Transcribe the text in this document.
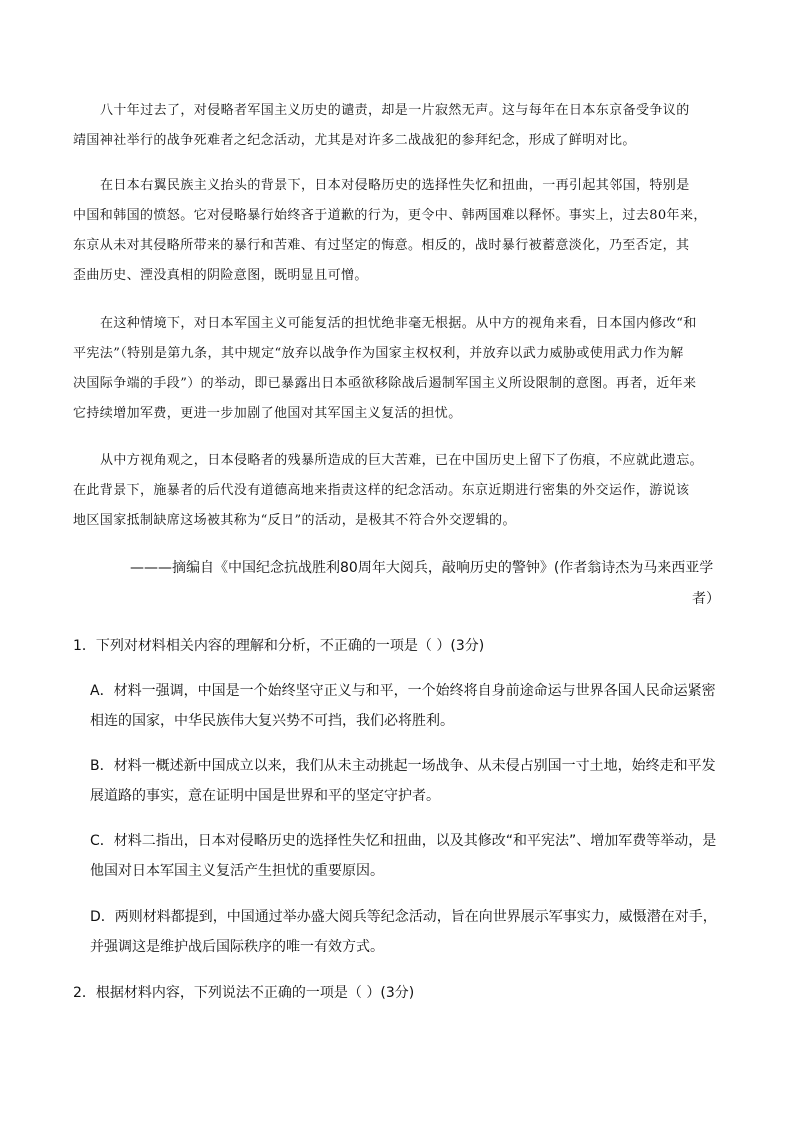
八十年过去了，对侵略者军国主义历史的谴责，却是一片寂然无声。这与每年在日本东京备受争议的
靖国神社举行的战争死难者之纪念活动，尤其是对许多二战战犯的参拜纪念，形成了鲜明对比。
在日本右翼民族主义抬头的背景下，日本对侵略历史的选择性失忆和扭曲，一再引起其邻国，特别是
中国和韩国的愤怒。它对侵略暴行始终吝于道歉的行为，更令中、韩两国难以释怀。事实上，过去80年来，
东京从未对其侵略所带来的暴行和苦难、有过坚定的悔意。相反的，战时暴行被蓄意淡化，乃至否定，其
歪曲历史、湮没真相的阴险意图，既明显且可憎。
在这种情境下，对日本军国主义可能复活的担忧绝非毫无根据。从中方的视角来看，日本国内修改“和
平宪法”（特别是第九条，其中规定“放弃以战争作为国家主权权利，并放弃以武力威胁或使用武力作为解
决国际争端的手段”）的举动，即已暴露出日本亟欲移除战后遏制军国主义所设限制的意图。再者，近年来
它持续增加军费，更进一步加剧了他国对其军国主义复活的担忧。
从中方视角观之，日本侵略者的残暴所造成的巨大苦难，已在中国历史上留下了伤痕，不应就此遗忘。
在此背景下，施暴者的后代没有道德高地来指责这样的纪念活动。东京近期进行密集的外交运作，游说该
地区国家抵制缺席这场被其称为“反日”的活动，是极其不符合外交逻辑的。
———摘编自《中国纪念抗战胜利80周年大阅兵，敲响历史的警钟》(作者翁诗杰为马来西亚学
者）

1．下列对材料相关内容的理解和分析，不正确的一项是（ ）(3分)

A．材料一强调，中国是一个始终坚守正义与和平，一个始终将自身前途命运与世界各国人民命运紧密
相连的国家，中华民族伟大复兴势不可挡，我们必将胜利。
B．材料一概述新中国成立以来，我们从未主动挑起一场战争、从未侵占别国一寸土地，始终走和平发
展道路的事实，意在证明中国是世界和平的坚定守护者。
C．材料二指出，日本对侵略历史的选择性失忆和扭曲，以及其修改“和平宪法”、增加军费等举动，是
他国对日本军国主义复活产生担忧的重要原因。
D．两则材料都提到，中国通过举办盛大阅兵等纪念活动，旨在向世界展示军事实力，威慑潜在对手，
并强调这是维护战后国际秩序的唯一有效方式。

2．根据材料内容，下列说法不正确的一项是（ ）(3分)
